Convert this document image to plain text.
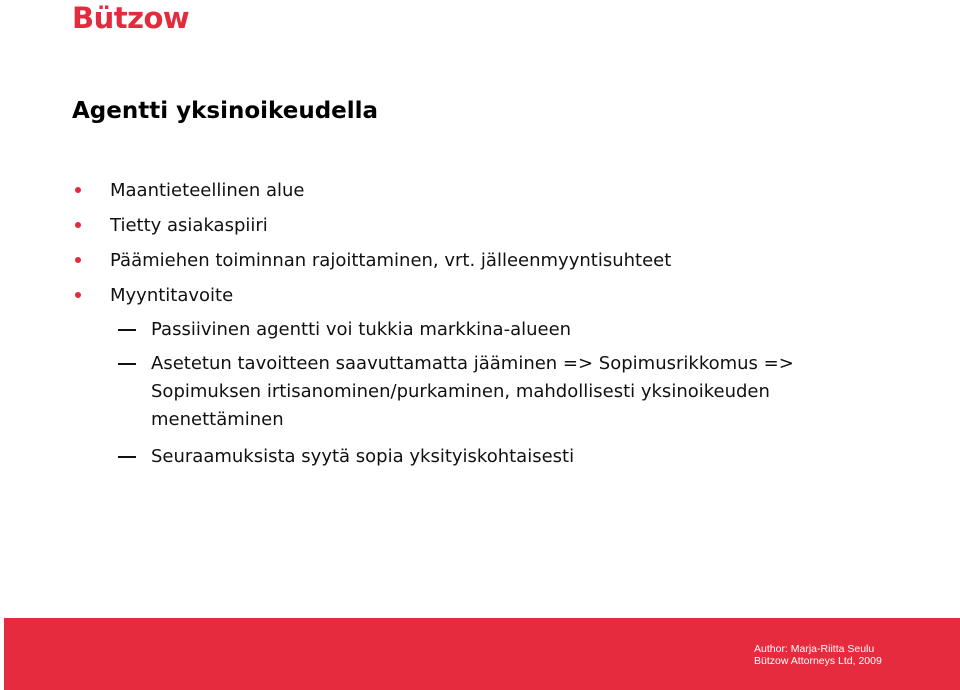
Bützow
Agentti yksinoikeudella
Maantieteellinen alue
Tietty asiakaspiiri
Päämiehen toiminnan rajoittaminen, vrt. jälleenmyyntisuhteet
Myyntitavoite
Passiivinen agentti voi tukkia markkina-alueen
Asetetun tavoitteen saavuttamatta jääminen => Sopimusrikkomus =>
Sopimuksen irtisanominen/purkaminen, mahdollisesti yksinoikeuden
menettäminen
Seuraamuksista syytä sopia yksityiskohtaisesti
Author: Marja-Riitta Seulu
Bützow Attorneys Ltd, 2009
